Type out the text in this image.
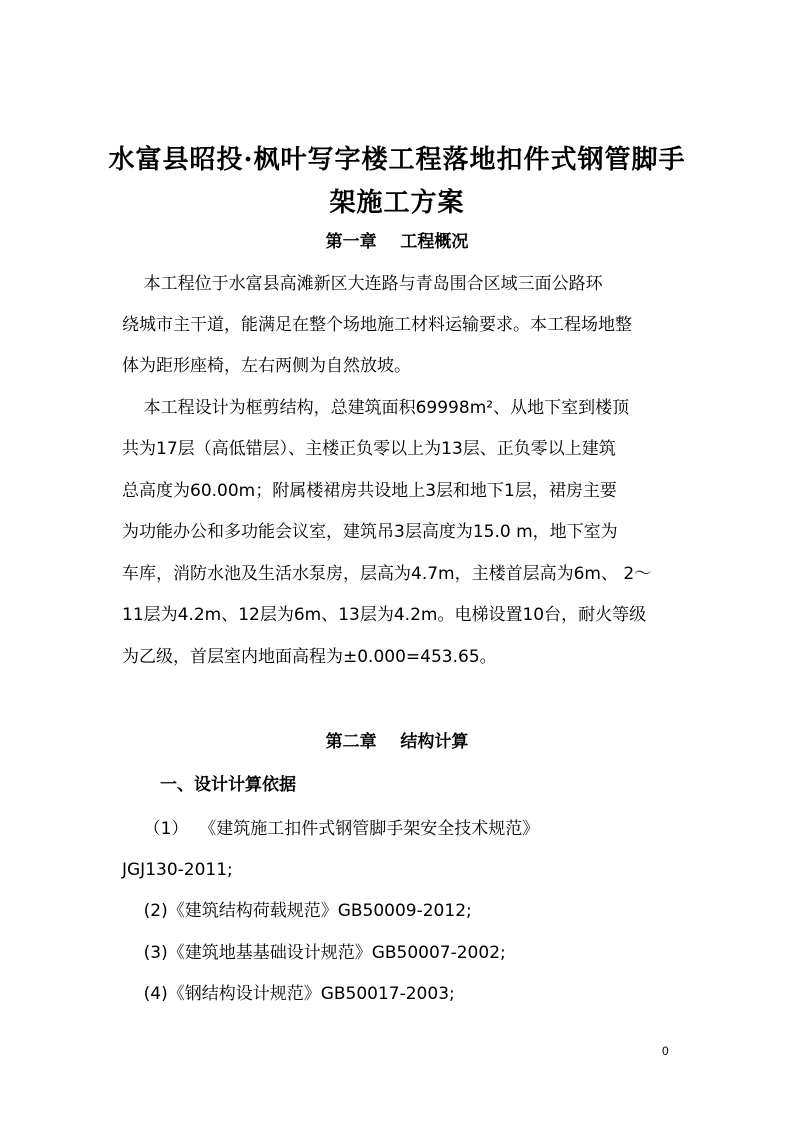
水富县昭投·枫叶写字楼工程落地扣件式钢管脚手
架施工方案
第一章    工程概况
本工程位于水富县高滩新区大连路与青岛围合区域三面公路环
绕城市主干道，能满足在整个场地施工材料运输要求。本工程场地整
体为距形座椅，左右两侧为自然放坡。
本工程设计为框剪结构，总建筑面积69998m²、从地下室到楼顶
共为17层（高低错层）、主楼正负零以上为13层、正负零以上建筑
总高度为60.00m；附属楼裙房共设地上3层和地下1层，裙房主要
为功能办公和多功能会议室，建筑吊3层高度为15.0 m，地下室为
车库，消防水池及生活水泵房，层高为4.7m，主楼首层高为6m、 2～
11层为4.2m、12层为6m、13层为4.2m。电梯设置10台，耐火等级
为乙级，首层室内地面高程为±0.000=453.65。
第二章    结构计算
一、设计计算依据
（1）  《建筑施工扣件式钢管脚手架安全技术规范》
JGJ130-2011;
(2)《建筑结构荷载规范》GB50009-2012;
(3)《建筑地基基础设计规范》GB50007-2002;
(4)《钢结构设计规范》GB50017-2003;
0
